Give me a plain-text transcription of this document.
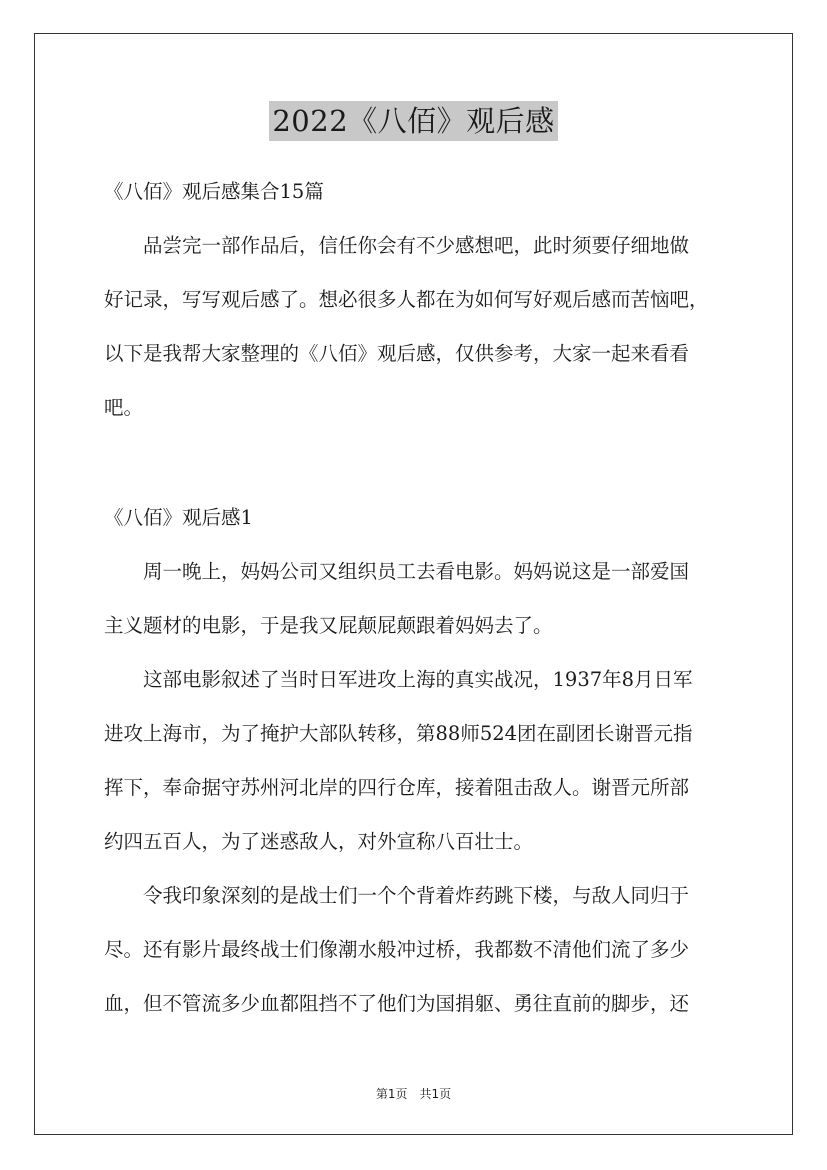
2022《八佰》观后感
《八佰》观后感集合15篇
　　品尝完一部作品后，信任你会有不少感想吧，此时须要仔细地做
好记录，写写观后感了。想必很多人都在为如何写好观后感而苦恼吧，
以下是我帮大家整理的《八佰》观后感，仅供参考，大家一起来看看
吧。
《八佰》观后感1
　　周一晚上，妈妈公司又组织员工去看电影。妈妈说这是一部爱国
主义题材的电影，于是我又屁颠屁颠跟着妈妈去了。
　　这部电影叙述了当时日军进攻上海的真实战况，1937年8月日军
进攻上海市，为了掩护大部队转移，第88师524团在副团长谢晋元指
挥下，奉命据守苏州河北岸的四行仓库，接着阻击敌人。谢晋元所部
约四五百人，为了迷惑敌人，对外宣称八百壮士。
　　令我印象深刻的是战士们一个个背着炸药跳下楼，与敌人同归于
尽。还有影片最终战士们像潮水般冲过桥，我都数不清他们流了多少
血，但不管流多少血都阻挡不了他们为国捐躯、勇往直前的脚步，还
第1页　共1页
